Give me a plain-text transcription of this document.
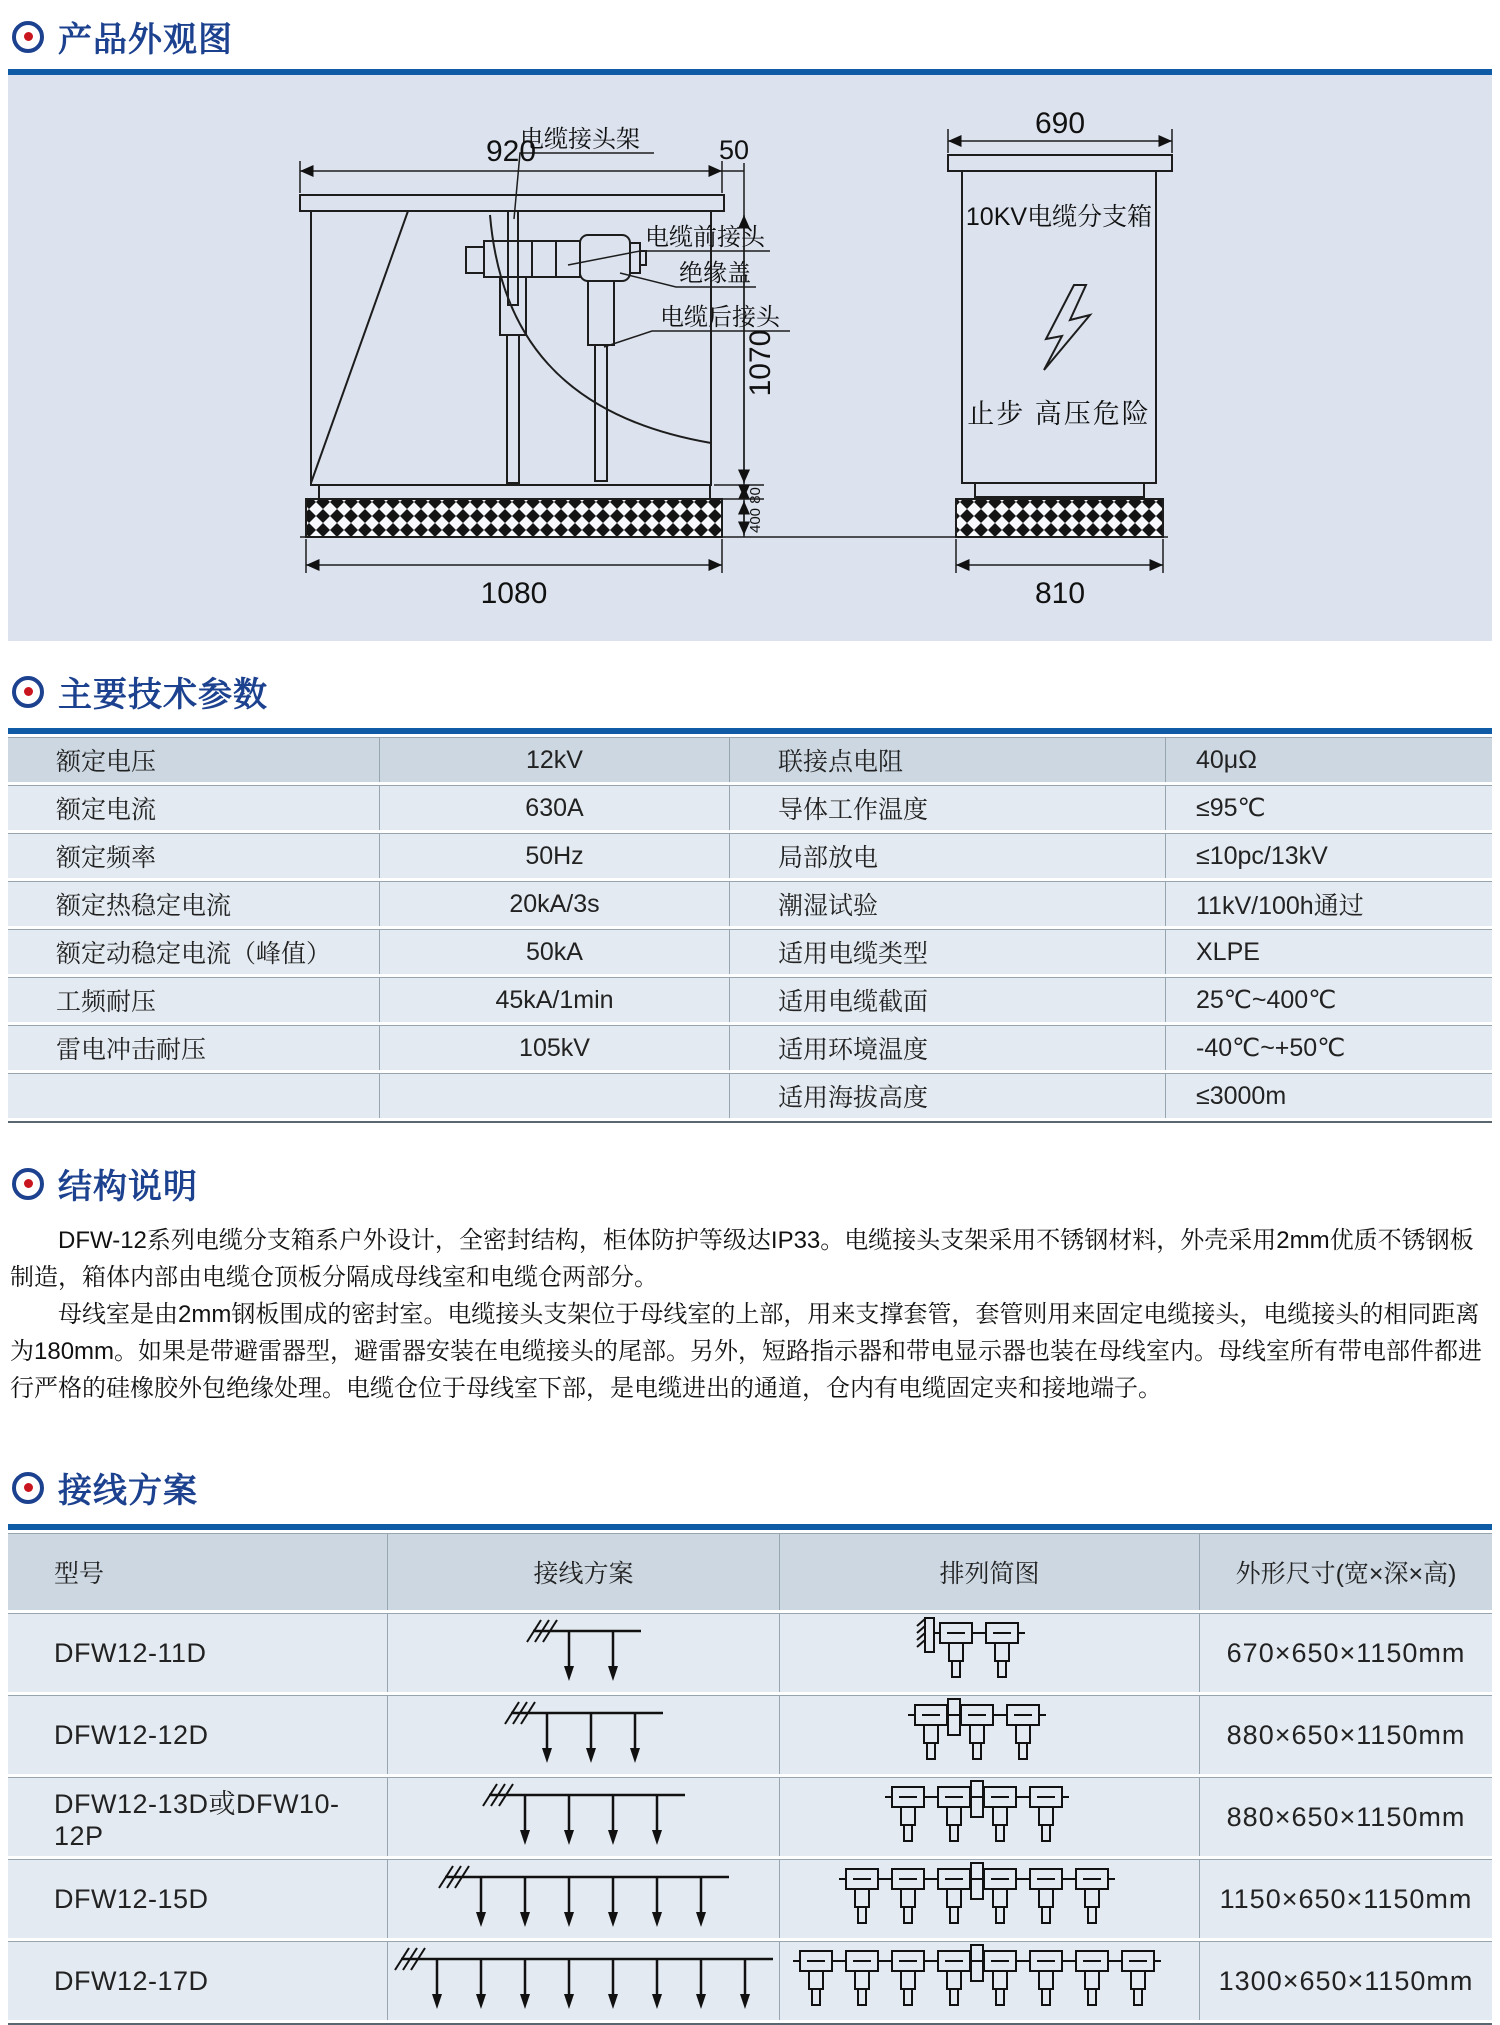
产品外观图
电缆接头架
电缆前接头
绝缘盖
电缆后接头
10KV电缆分支箱
止步 高压危险
920	50
1070
400 80
1080
690
810
主要技术参数
额定电压	12kV	联接点电阻	40μΩ
额定电流	630A	导体工作温度	≤95℃
额定频率	50Hz	局部放电	≤10pc/13kV
额定热稳定电流	20kA/3s	潮湿试验	11kV/100h通过
额定动稳定电流（峰值）	50kA	适用电缆类型	XLPE
工频耐压	45kA/1min	适用电缆截面	25℃~400℃
雷电冲击耐压	105kV	适用环境温度	-40℃~+50℃
		适用海拔高度	≤3000m
结构说明

DFW-12系列电缆分支箱系户外设计，全密封结构，柜体防护等级达IP33。电缆接头支架采用不锈钢材料，外壳采用2mm优质不锈钢板制造，箱体内部由电缆仓顶板分隔成母线室和电缆仓两部分。

母线室是由2mm钢板围成的密封室。电缆接头支架位于母线室的上部，用来支撑套管，套管则用来固定电缆接头，电缆接头的相同距离为180mm。如果是带避雷器型，避雷器安装在电缆接头的尾部。另外，短路指示器和带电显示器也装在母线室内。母线室所有带电部件都进行严格的硅橡胶外包绝缘处理。电缆仓位于母线室下部，是电缆进出的通道，仓内有电缆固定夹和接地端子。

接线方案
型号	接线方案	排列简图	外形尺寸(宽×深×高)
DFW12-11D			670×650×1150mm
DFW12-12D			880×650×1150mm
DFW12-13D或DFW10-12P			880×650×1150mm
DFW12-15D			1150×650×1150mm
DFW12-17D			1300×650×1150mm
